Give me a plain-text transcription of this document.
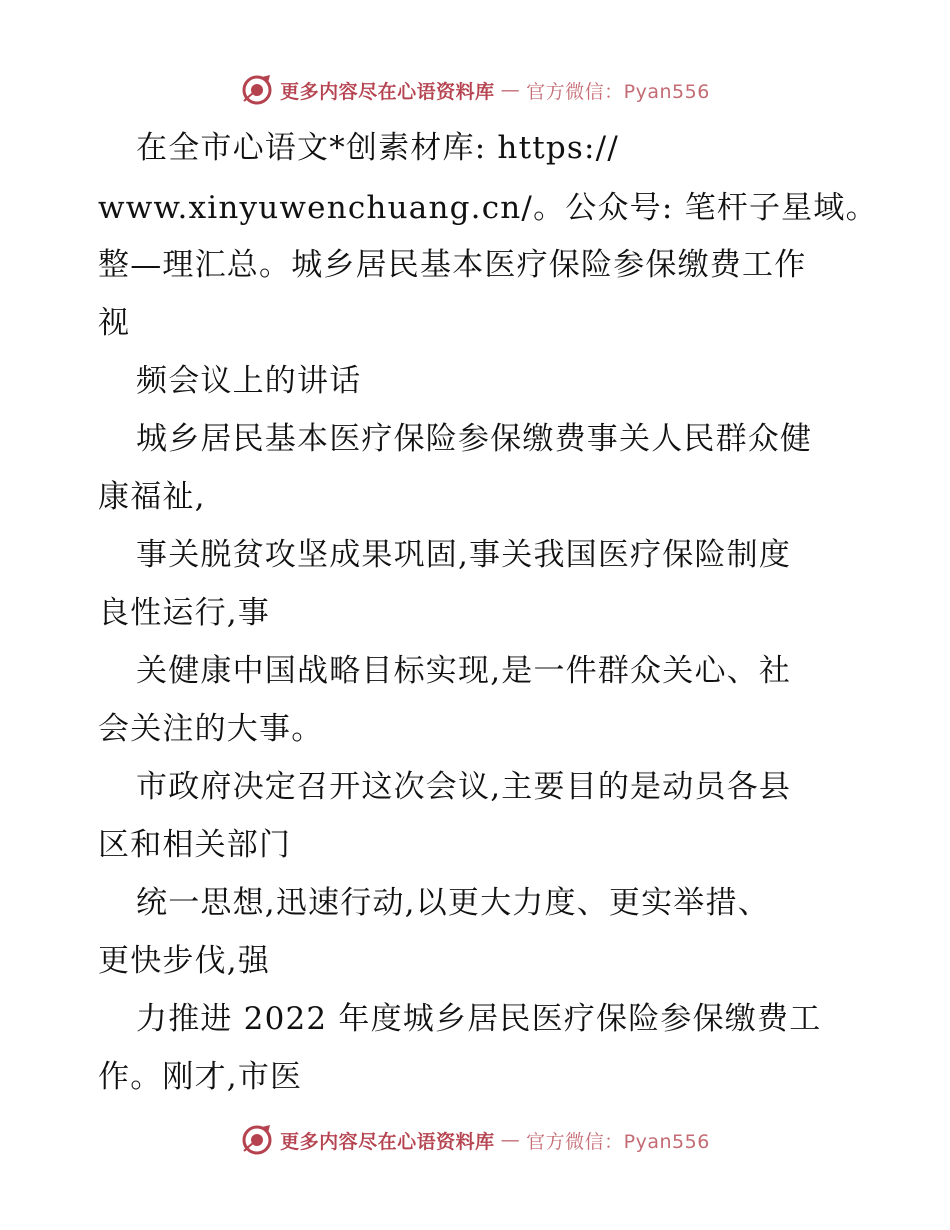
更多内容尽在心语资料库 — 官方微信：Pyan556
在全市心语文*创素材库: https://
www.xinyuwenchuang.cn/。公众号: 笔杆子星域。
整—理汇总。城乡居民基本医疗保险参保缴费工作
视
频会议上的讲话
城乡居民基本医疗保险参保缴费事关人民群众健
康福祉,
事关脱贫攻坚成果巩固,事关我国医疗保险制度
良性运行,事
关健康中国战略目标实现,是一件群众关心、社
会关注的大事。
市政府决定召开这次会议,主要目的是动员各县
区和相关部门
统一思想,迅速行动,以更大力度、更实举措、
更快步伐,强
力推进 2022 年度城乡居民医疗保险参保缴费工
作。刚才,市医
更多内容尽在心语资料库 — 官方微信：Pyan556
